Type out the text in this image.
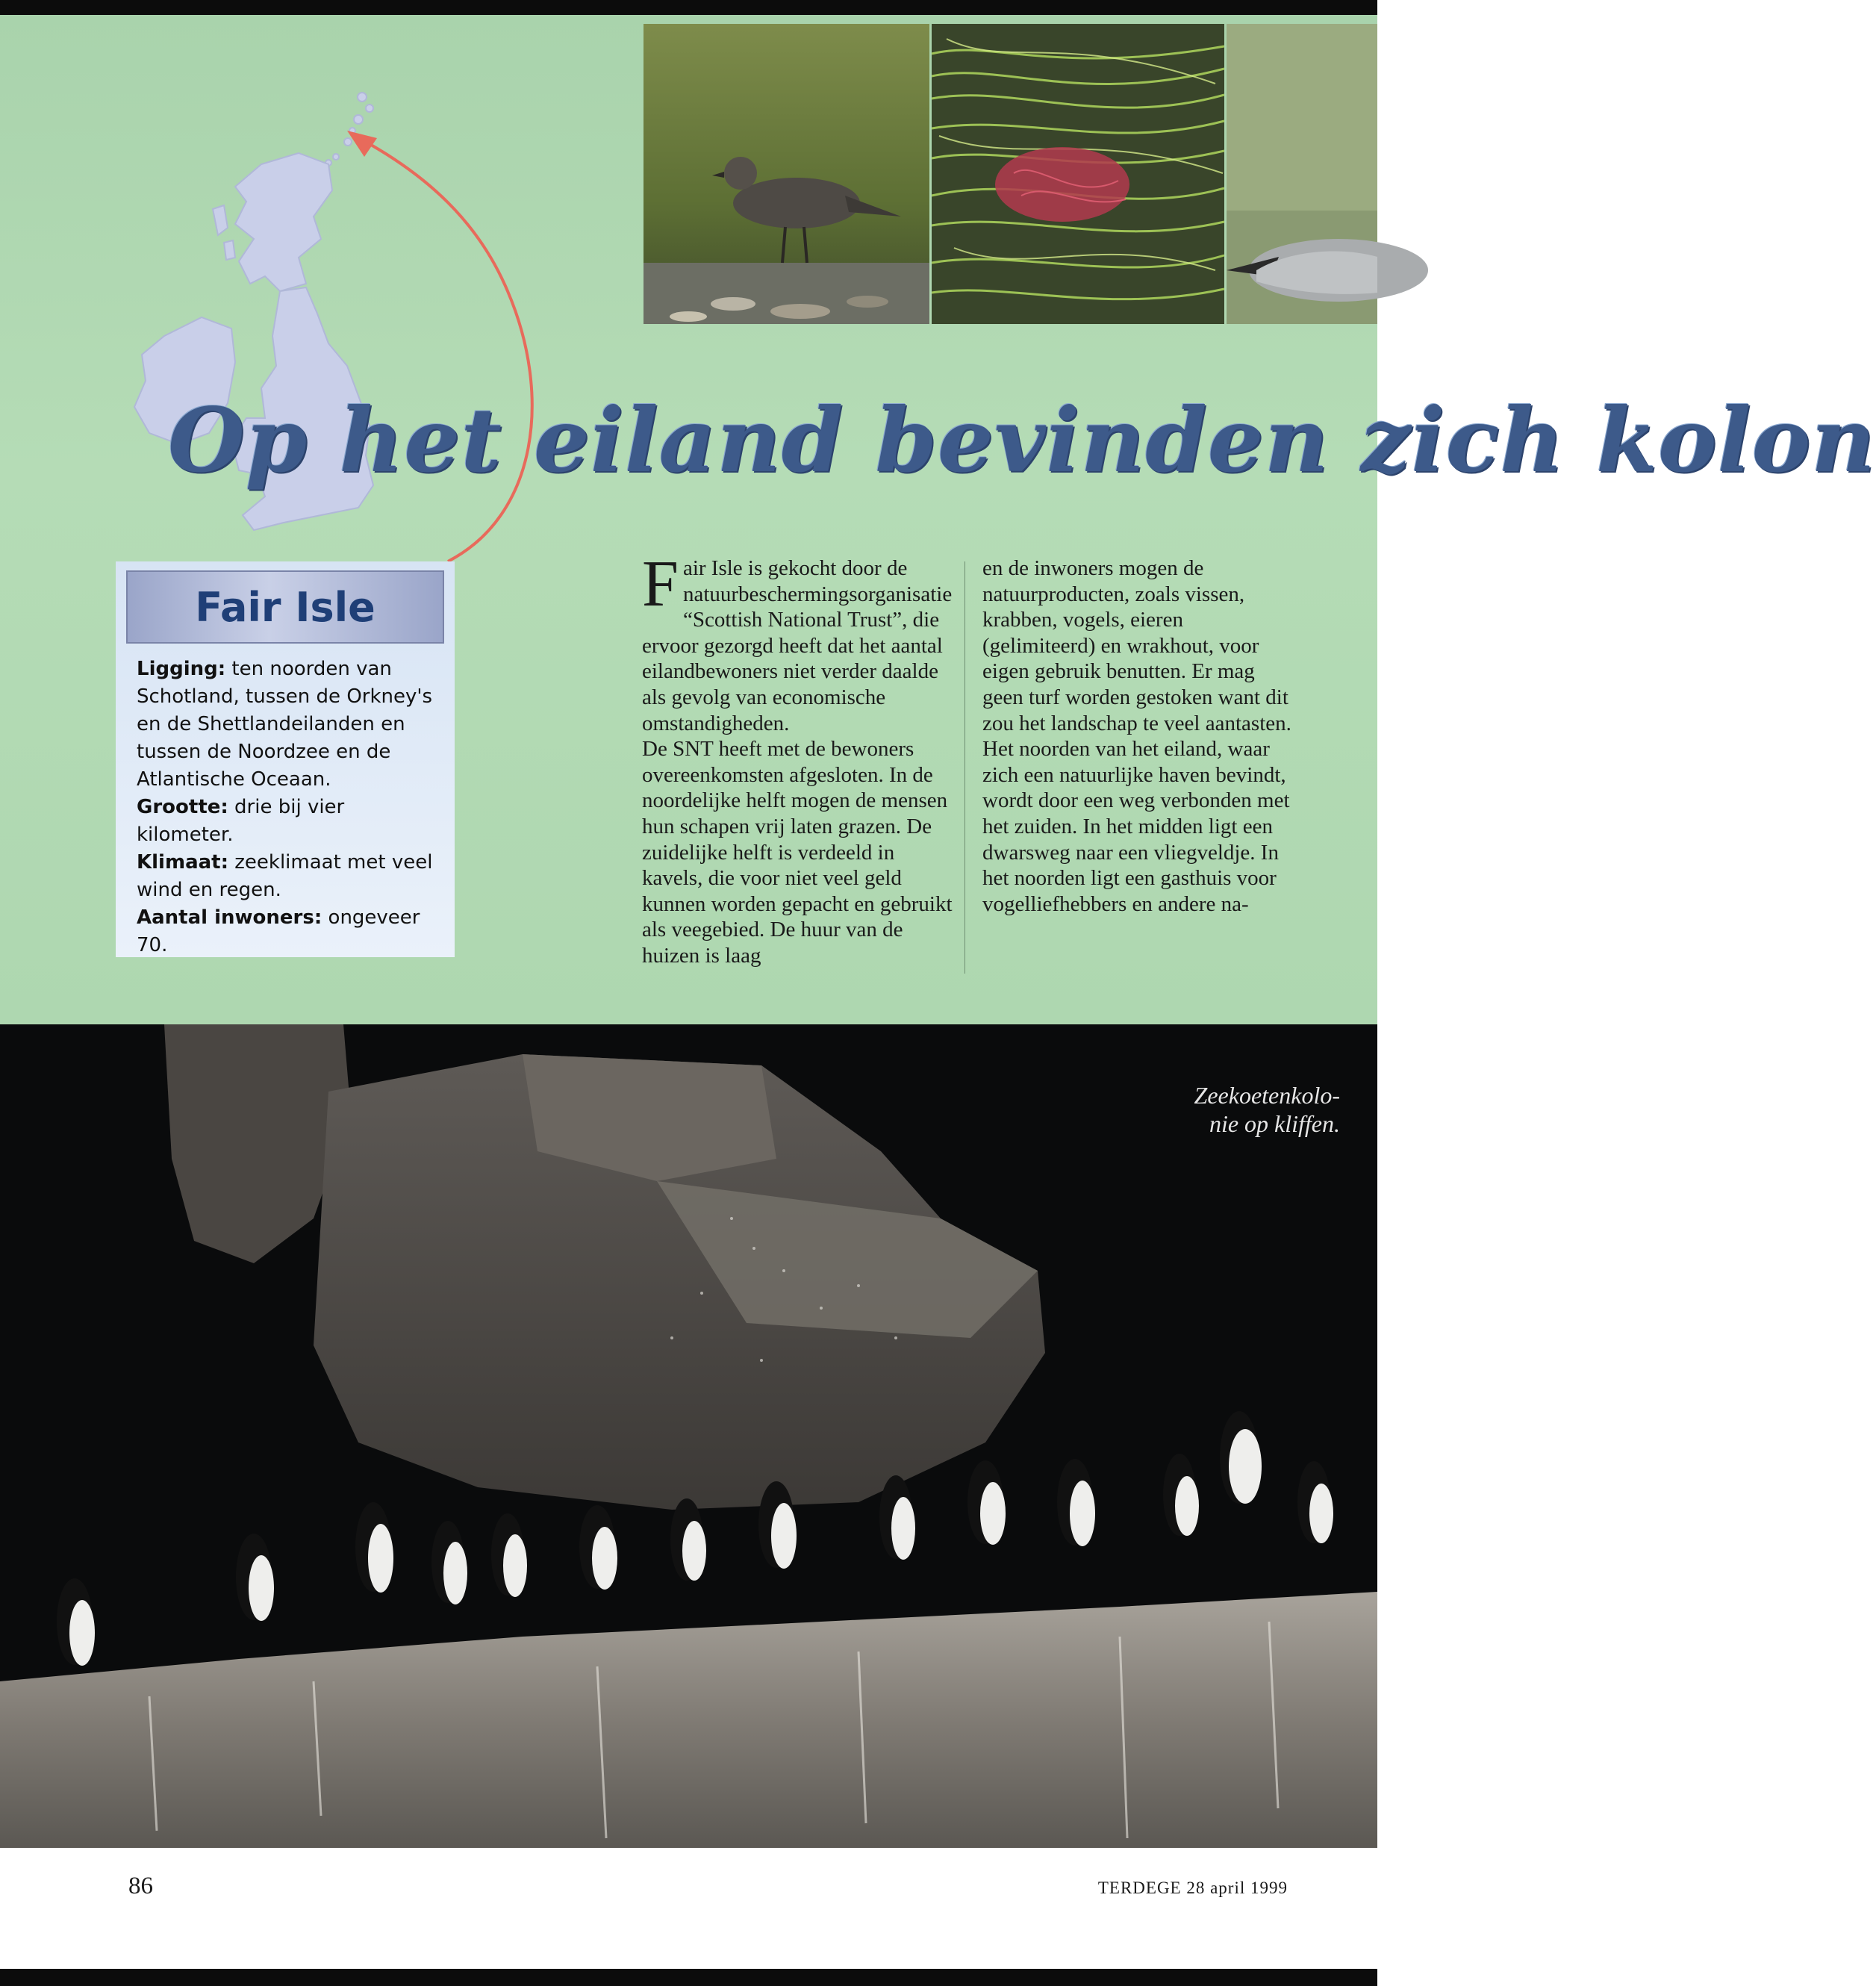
Op het eiland bevinden zich kolon
Fair Isle

Ligging: ten noorden van Schotland, tussen de Orkney's en de Shettlandeilanden en tussen de Noordzee en de Atlantische Oceaan.

Grootte: drie bij vier kilometer.

Klimaat: zeeklimaat met veel wind en regen.

Aantal inwoners: ongeveer 70.

Fair Isle is gekocht door de natuurbeschermingsorganisatie “Scottish National Trust”, die ervoor gezorgd heeft dat het aantal eilandbewoners niet verder daalde als gevolg van economische omstandigheden.

De SNT heeft met de bewoners overeenkomsten afgesloten. In de noordelijke helft mogen de mensen hun schapen vrij laten grazen. De zuidelijke helft is verdeeld in kavels, die voor niet veel geld kunnen worden gepacht en gebruikt als veegebied. De huur van de huizen is laag

en de inwoners mogen de natuurproducten, zoals vissen, krabben, vogels, eieren (gelimiteerd) en wrakhout, voor eigen gebruik benutten. Er mag geen turf worden gestoken want dit zou het landschap te veel aantasten.

Het noorden van het eiland, waar zich een natuurlijke haven bevindt, wordt door een weg verbonden met het zuiden. In het midden ligt een dwarsweg naar een vliegveldje. In het noorden ligt een gasthuis voor vogelliefhebbers en andere na-

Zeekoetenkolo-
nie op kliffen.
86	TERDEGE 28 april 1999
